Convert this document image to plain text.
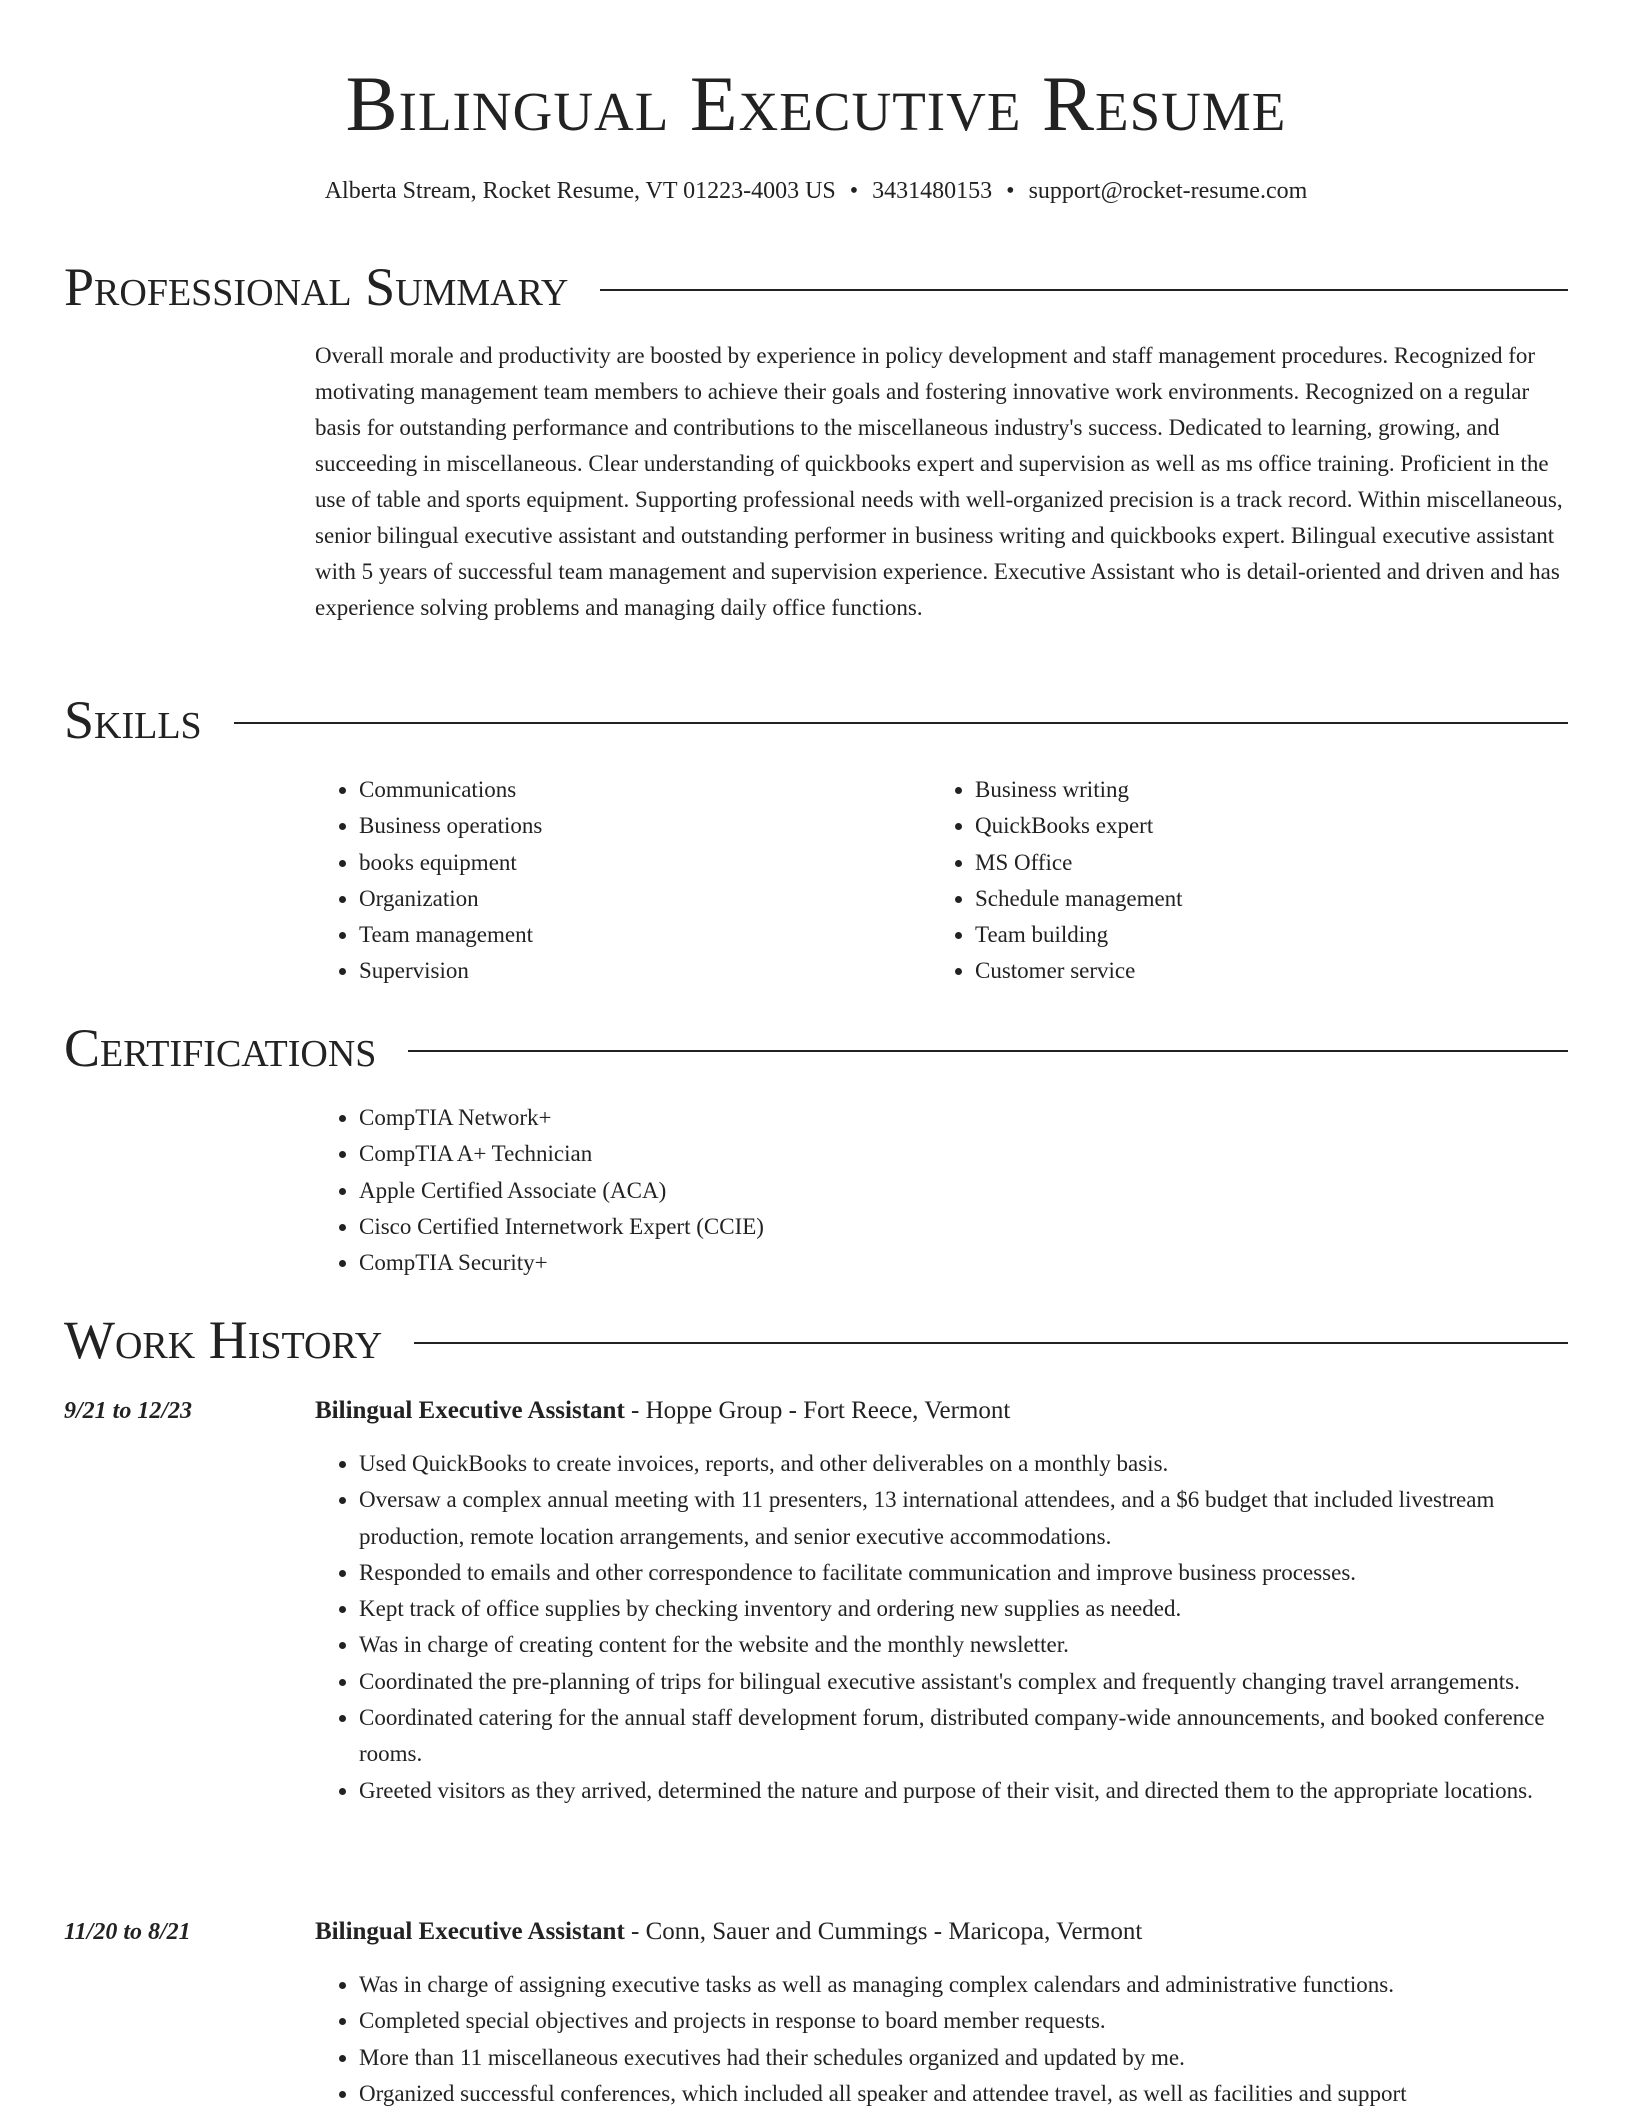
Bilingual Executive Resume
Alberta Stream, Rocket Resume, VT 01223-4003 US • 3431480153 • support@rocket-resume.com
Professional Summary

Overall morale and productivity are boosted by experience in policy development and staff management procedures. Recognized for motivating management team members to achieve their goals and fostering innovative work environments. Recognized on a regular basis for outstanding performance and contributions to the miscellaneous industry's success. Dedicated to learning, growing, and succeeding in miscellaneous. Clear understanding of quickbooks expert and supervision as well as ms office training. Proficient in the use of table and sports equipment. Supporting professional needs with well-organized precision is a track record. Within miscellaneous, senior bilingual executive assistant and outstanding performer in business writing and quickbooks expert. Bilingual executive assistant with 5 years of successful team management and supervision experience. Executive Assistant who is detail-oriented and driven and has experience solving problems and managing daily office functions.

Skills
• Communications
• Business operations
• books equipment
• Organization
• Team management
• Supervision
• Business writing
• QuickBooks expert
• MS Office
• Schedule management
• Team building
• Customer service
Certifications
• CompTIA Network+
• CompTIA A+ Technician
• Apple Certified Associate (ACA)
• Cisco Certified Internetwork Expert (CCIE)
• CompTIA Security+
Work History
9/21 to 12/23	Bilingual Executive Assistant - Hoppe Group - Fort Reece, Vermont
• Used QuickBooks to create invoices, reports, and other deliverables on a monthly basis.
• Oversaw a complex annual meeting with 11 presenters, 13 international attendees, and a $6 budget that included livestream production, remote location arrangements, and senior executive accommodations.
• Responded to emails and other correspondence to facilitate communication and improve business processes.
• Kept track of office supplies by checking inventory and ordering new supplies as needed.
• Was in charge of creating content for the website and the monthly newsletter.
• Coordinated the pre-planning of trips for bilingual executive assistant's complex and frequently changing travel arrangements.
• Coordinated catering for the annual staff development forum, distributed company-wide announcements, and booked conference rooms.
• Greeted visitors as they arrived, determined the nature and purpose of their visit, and directed them to the appropriate locations.
11/20 to 8/21	Bilingual Executive Assistant - Conn, Sauer and Cummings - Maricopa, Vermont
• Was in charge of assigning executive tasks as well as managing complex calendars and administrative functions.
• Completed special objectives and projects in response to board member requests.
• More than 11 miscellaneous executives had their schedules organized and updated by me.
• Organized successful conferences, which included all speaker and attendee travel, as well as facilities and support
